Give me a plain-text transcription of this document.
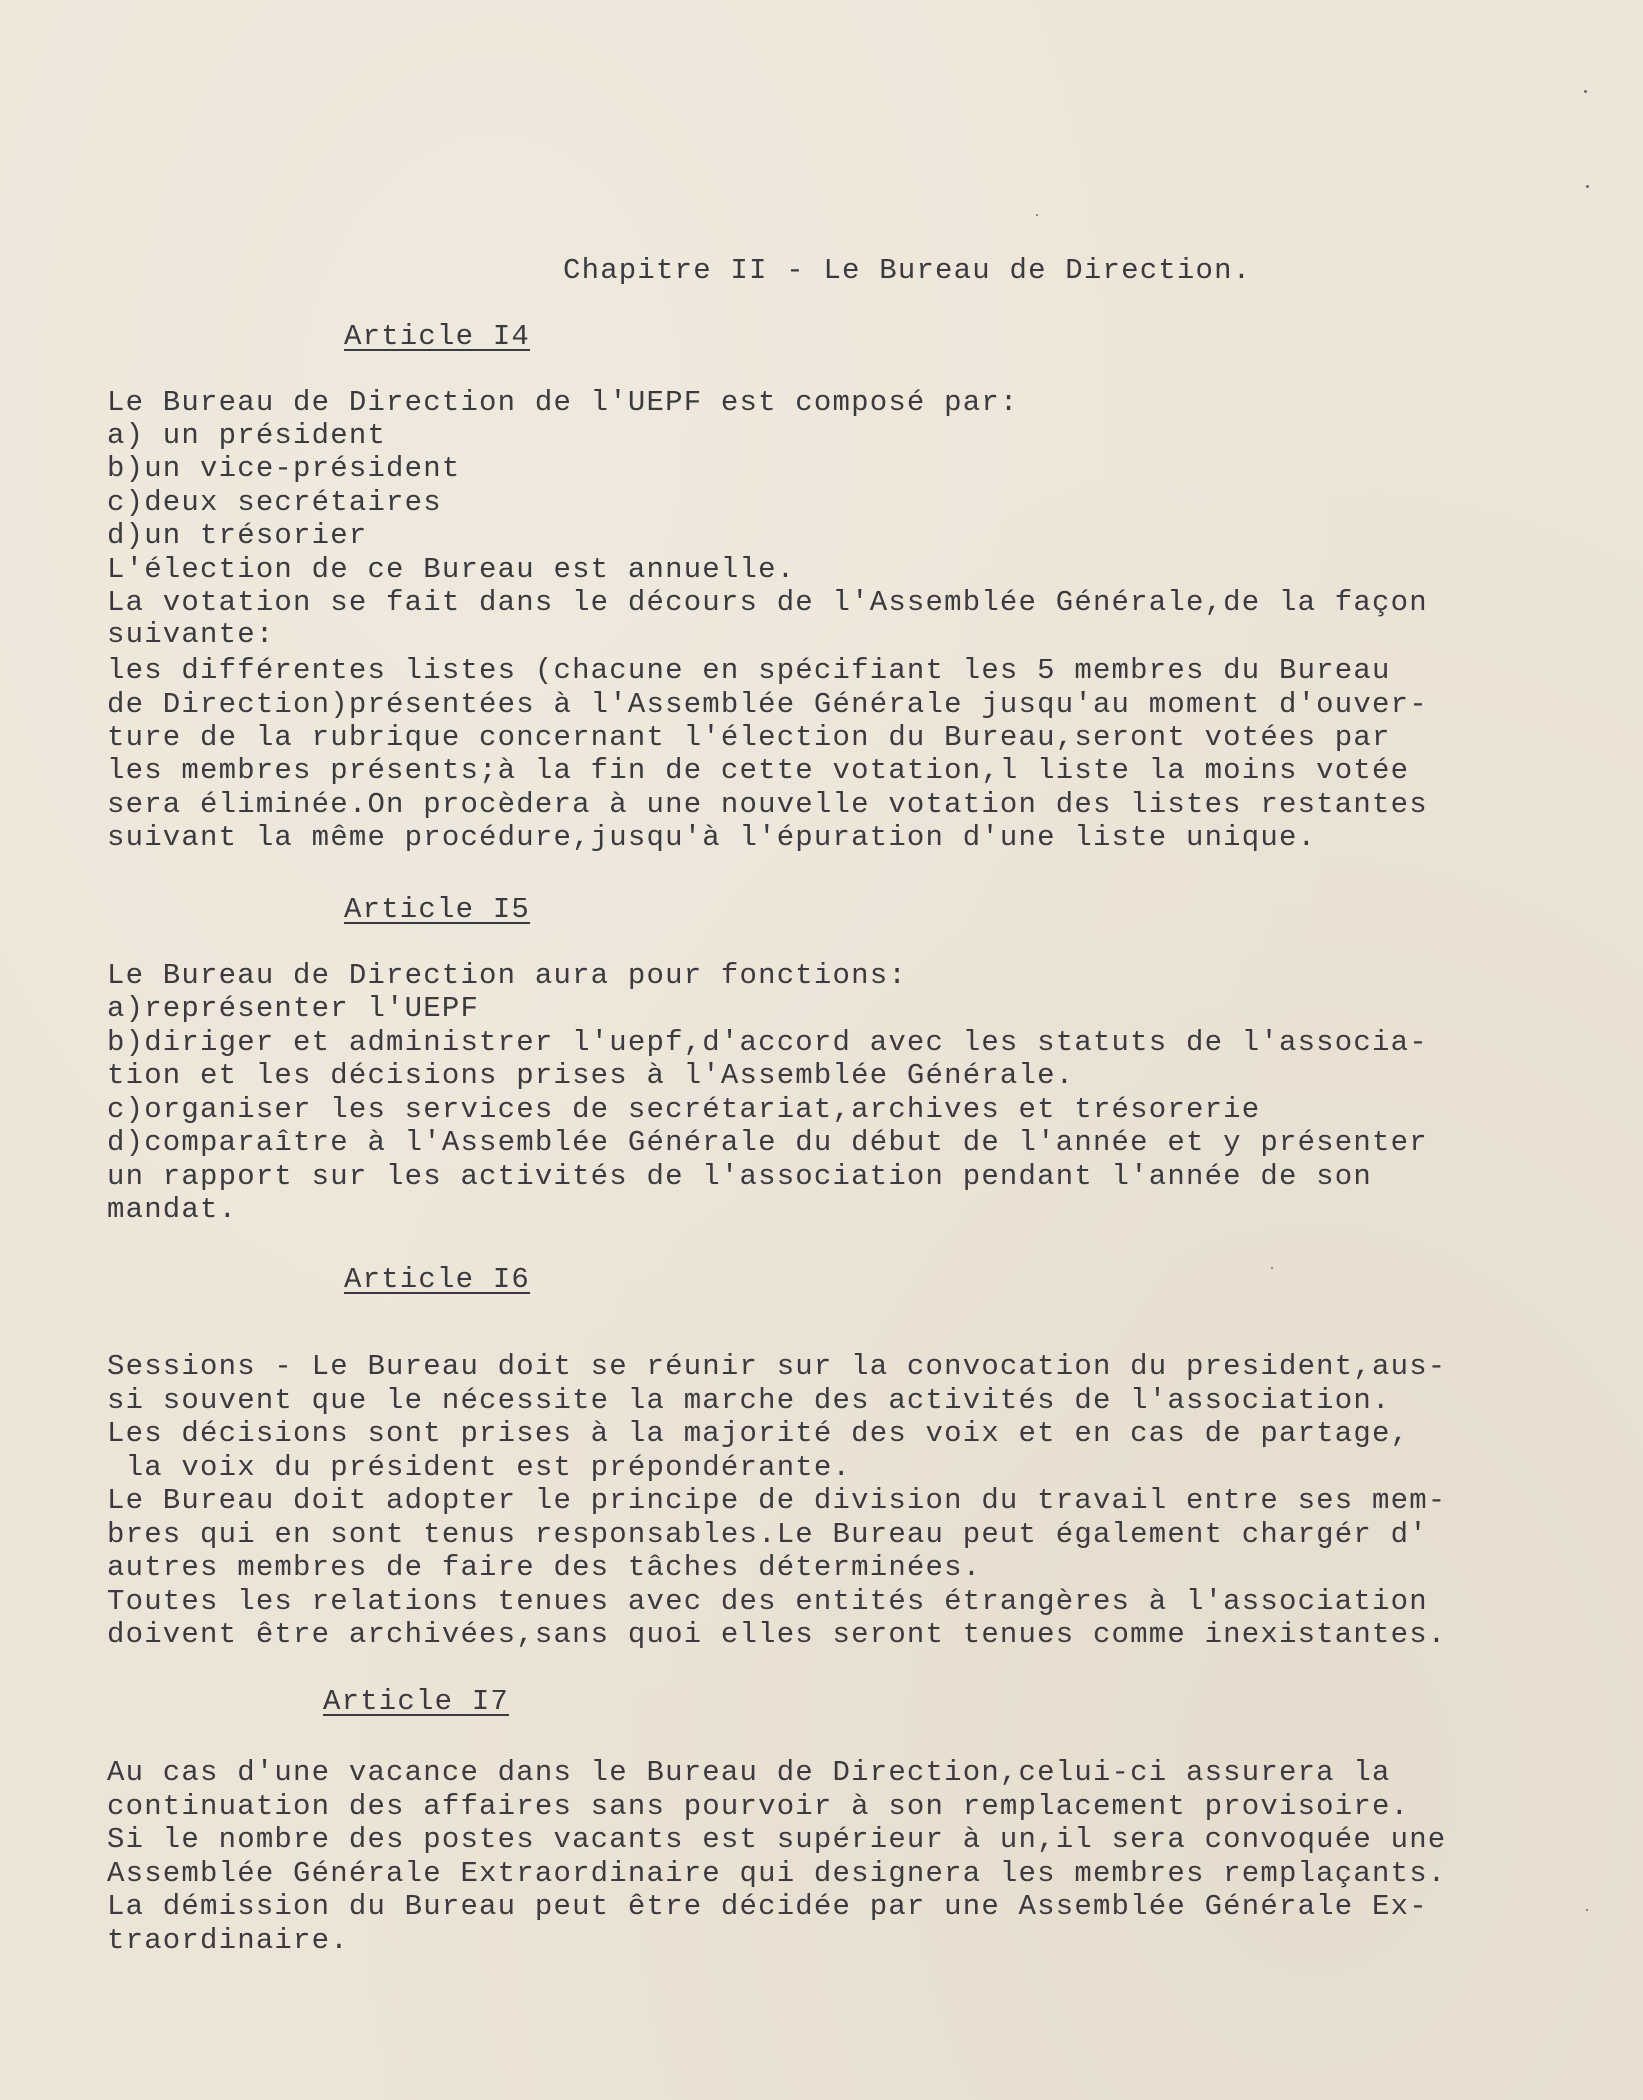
Chapitre II - Le Bureau de Direction.
Article I4
Le Bureau de Direction de l'UEPF est composé par:
a) un président
b)un vice-président
c)deux secrétaires
d)un trésorier
L'élection de ce Bureau est annuelle.
La votation se fait dans le décours de l'Assemblée Générale,de la façon
suivante:
les différentes listes (chacune en spécifiant les 5 membres du Bureau
de Direction)présentées à l'Assemblée Générale jusqu'au moment d'ouver-
ture de la rubrique concernant l'élection du Bureau,seront votées par
les membres présents;à la fin de cette votation,l liste la moins votée
sera éliminée.On procèdera à une nouvelle votation des listes restantes
suivant la même procédure,jusqu'à l'épuration d'une liste unique.
Article I5
Le Bureau de Direction aura pour fonctions:
a)représenter l'UEPF
b)diriger et administrer l'uepf,d'accord avec les statuts de l'associa-
tion et les décisions prises à l'Assemblée Générale.
c)organiser les services de secrétariat,archives et trésorerie
d)comparaître à l'Assemblée Générale du début de l'année et y présenter
un rapport sur les activités de l'association pendant l'année de son
mandat.
Article I6
Sessions - Le Bureau doit se réunir sur la convocation du president,aus-
si souvent que le nécessite la marche des activités de l'association.
Les décisions sont prises à la majorité des voix et en cas de partage,
la voix du président est prépondérante.
Le Bureau doit adopter le principe de division du travail entre ses mem-
bres qui en sont tenus responsables.Le Bureau peut également chargér d'
autres membres de faire des tâches déterminées.
Toutes les relations tenues avec des entités étrangères à l'association
doivent être archivées,sans quoi elles seront tenues comme inexistantes.
Article I7
Au cas d'une vacance dans le Bureau de Direction,celui-ci assurera la
continuation des affaires sans pourvoir à son remplacement provisoire.
Si le nombre des postes vacants est supérieur à un,il sera convoquée une
Assemblée Générale Extraordinaire qui designera les membres remplaçants.
La démission du Bureau peut être décidée par une Assemblée Générale Ex-
traordinaire.
